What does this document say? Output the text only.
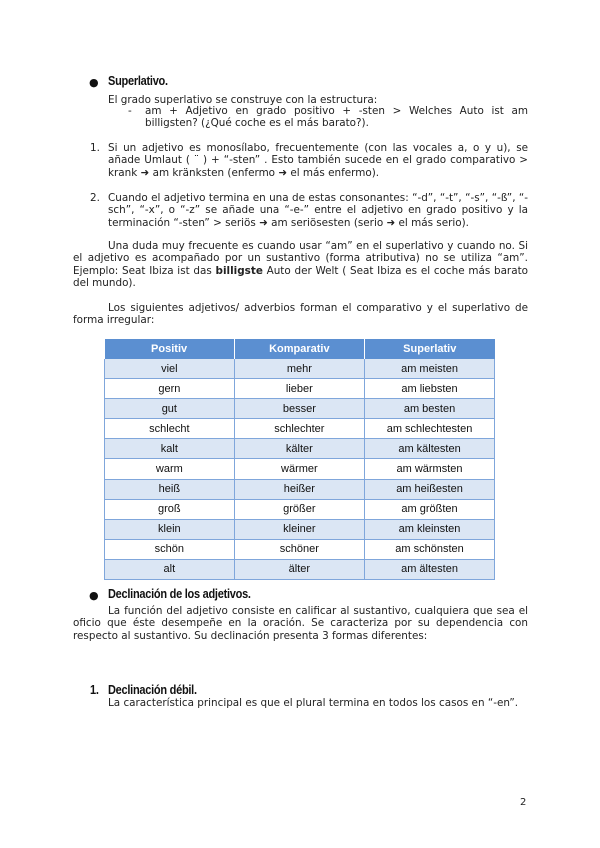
● Superlativo.
El grado superlativo se construye con la estructura:
- am + Adjetivo en grado positivo + -sten > Welches Auto ist am billigsten? (¿Qué coche es el más barato?).
1. Si un adjetivo es monosílabo, frecuentemente (con las vocales a, o y u), se añade Umlaut ( ¨ ) + “-sten” . Esto también sucede en el grado comparativo > krank ➜ am kränksten (enfermo ➜ el más enfermo).
2. Cuando el adjetivo termina en una de estas consonantes: “-d”, “-t”, “-s”, “-ß”, “-sch”, “-x”, o “-z” se añade una “-e-” entre el adjetivo en grado positivo y la terminación “-sten” > seriös ➜ am seriösesten (serio ➜ el más serio).
Una duda muy frecuente es cuando usar “am” en el superlativo y cuando no. Si el adjetivo es acompañado por un sustantivo (forma atributiva) no se utiliza “am”. Ejemplo: Seat Ibiza ist das billigste Auto der Welt ( Seat Ibiza es el coche más barato del mundo).
Los siguientes adjetivos/ adverbios forman el comparativo y el superlativo de forma irregular:
Positiv	Komparativ	Superlativ
viel	mehr	am meisten
gern	lieber	am liebsten
gut	besser	am besten
schlecht	schlechter	am schlechtesten
kalt	kälter	am kältesten
warm	wärmer	am wärmsten
heiß	heißer	am heißesten
groß	größer	am größten
klein	kleiner	am kleinsten
schön	schöner	am schönsten
alt	älter	am ältesten
● Declinación de los adjetivos.
La función del adjetivo consiste en calificar al sustantivo, cualquiera que sea el oficio que éste desempeñe en la oración. Se caracteriza por su dependencia con respecto al sustantivo. Su declinación presenta 3 formas diferentes:
1. Declinación débil.
La característica principal es que el plural termina en todos los casos en “-en”.
2
